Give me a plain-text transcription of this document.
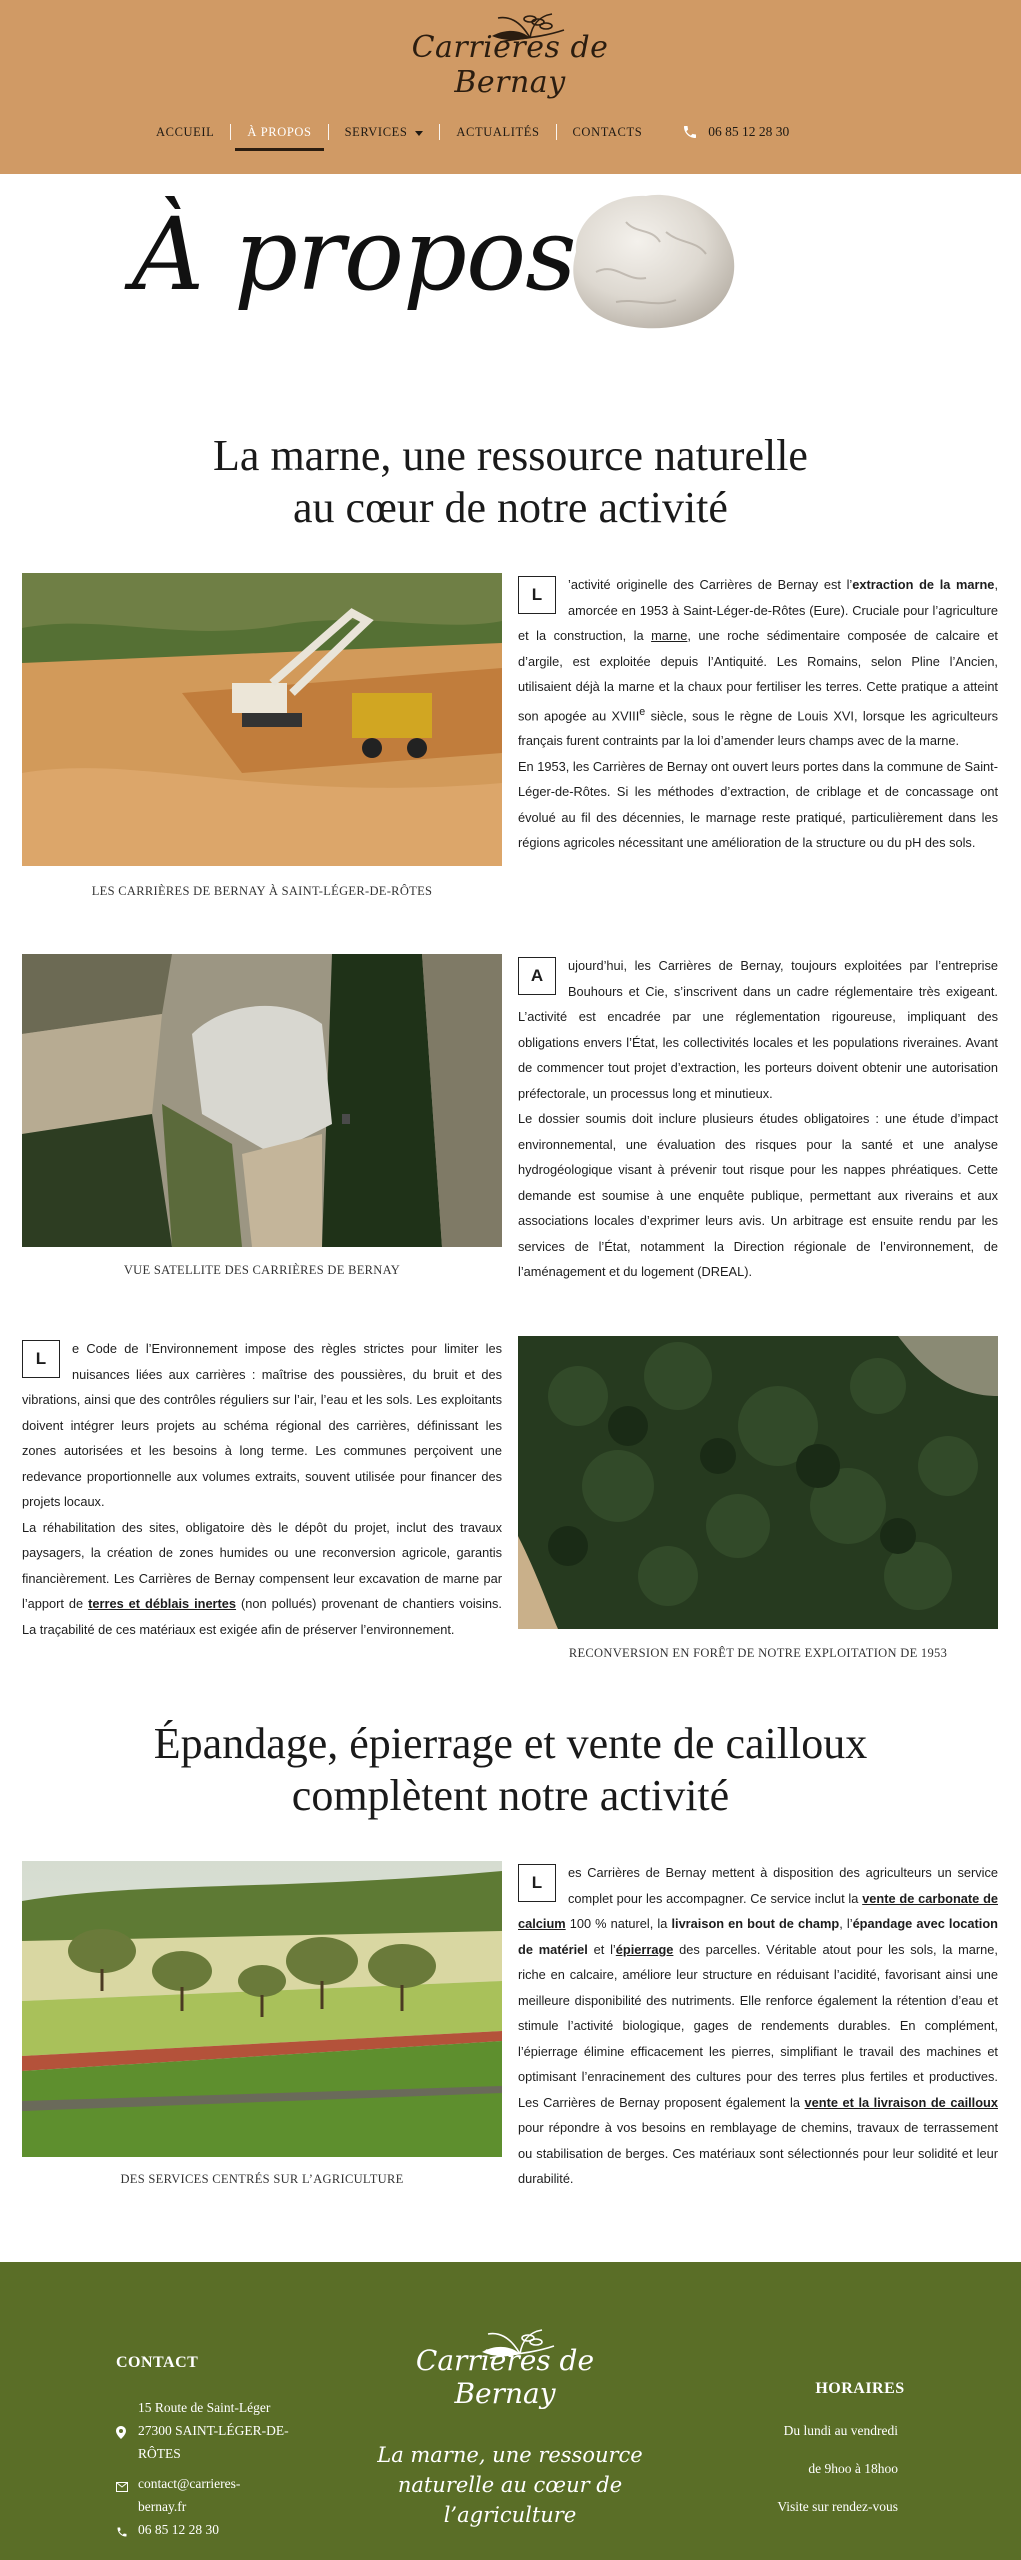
Carrières de Bernay
ACCUEIL	À PROPOS	SERVICES	ACTUALITÉS	CONTACTS	06 85 12 28 30
À propos
La marne, une ressource naturelle
au cœur de notre activité
LES CARRIÈRES DE BERNAY À SAINT-LÉGER-DE-RÔTES

L
’activité originelle des Carrières de Bernay est l’extraction de la marne, amorcée en 1953 à Saint-Léger-de-Rôtes (Eure). Cruciale pour l’agriculture et la construction, la marne, une roche sédimentaire composée de calcaire et d’argile, est exploitée depuis l’Antiquité. Les Romains, selon Pline l’Ancien, utilisaient déjà la marne et la chaux pour fertiliser les terres. Cette pratique a atteint son apogée au XVIIIe siècle, sous le règne de Louis XVI, lorsque les agriculteurs français furent contraints par la loi d’amender leurs champs avec de la marne.

En 1953, les Carrières de Bernay ont ouvert leurs portes dans la commune de Saint-Léger-de-Rôtes. Si les méthodes d’extraction, de criblage et de concassage ont évolué au fil des décennies, le marnage reste pratiqué, particulièrement dans les régions agricoles nécessitant une amélioration de la structure ou du pH des sols.

VUE SATELLITE DES CARRIÈRES DE BERNAY

A
ujourd’hui, les Carrières de Bernay, toujours exploitées par l’entreprise Bouhours et Cie, s’inscrivent dans un cadre réglementaire très exigeant. L’activité est encadrée par une réglementation rigoureuse, impliquant des obligations envers l’État, les collectivités locales et les populations riveraines. Avant de commencer tout projet d’extraction, les porteurs doivent obtenir une autorisation préfectorale, un processus long et minutieux.

Le dossier soumis doit inclure plusieurs études obligatoires : une étude d’impact environnemental, une évaluation des risques pour la santé et une analyse hydrogéologique visant à prévenir tout risque pour les nappes phréatiques. Cette demande est soumise à une enquête publique, permettant aux riverains et aux associations locales d’exprimer leurs avis. Un arbitrage est ensuite rendu par les services de l’État, notamment la Direction régionale de l’environnement, de l’aménagement et du logement (DREAL).

L
e Code de l’Environnement impose des règles strictes pour limiter les nuisances liées aux carrières : maîtrise des poussières, du bruit et des vibrations, ainsi que des contrôles réguliers sur l’air, l’eau et les sols. Les exploitants doivent intégrer leurs projets au schéma régional des carrières, définissant les zones autorisées et les besoins à long terme. Les communes perçoivent une redevance proportionnelle aux volumes extraits, souvent utilisée pour financer des projets locaux.

La réhabilitation des sites, obligatoire dès le dépôt du projet, inclut des travaux paysagers, la création de zones humides ou une reconversion agricole, garantis financièrement. Les Carrières de Bernay compensent leur excavation de marne par l’apport de terres et déblais inertes (non pollués) provenant de chantiers voisins. La traçabilité de ces matériaux est exigée afin de préserver l’environnement.

RECONVERSION EN FORÊT DE NOTRE EXPLOITATION DE 1953
Épandage, épierrage et vente de cailloux
complètent notre activité
DES SERVICES CENTRÉS SUR L’AGRICULTURE

L
es Carrières de Bernay mettent à disposition des agriculteurs un service complet pour les accompagner. Ce service inclut la vente de carbonate de calcium 100 % naturel, la livraison en bout de champ, l’épandage avec location de matériel et l’épierrage des parcelles. Véritable atout pour les sols, la marne, riche en calcaire, améliore leur structure en réduisant l’acidité, favorisant ainsi une meilleure disponibilité des nutriments. Elle renforce également la rétention d’eau et stimule l’activité biologique, gages de rendements durables. En complément, l’épierrage élimine efficacement les pierres, simplifiant le travail des machines et optimisant l’enracinement des cultures pour des terres plus fertiles et productives. Les Carrières de Bernay proposent également la vente et la livraison de cailloux pour répondre à vos besoins en remblayage de chemins, travaux de terrassement ou stabilisation de berges. Ces matériaux sont sélectionnés pour leur solidité et leur durabilité.

CONTACT
15 Route de Saint-Léger
27300 SAINT-LÉGER-DE-
RÔTES
contact@carrieres-
bernay.fr
06 85 12 28 30
Carrières de Bernay
La marne, une ressource
naturelle au cœur de
l’agriculture
HORAIRES
Du lundi au vendredi
de 9hoo à 18hoo
Visite sur rendez-vous
